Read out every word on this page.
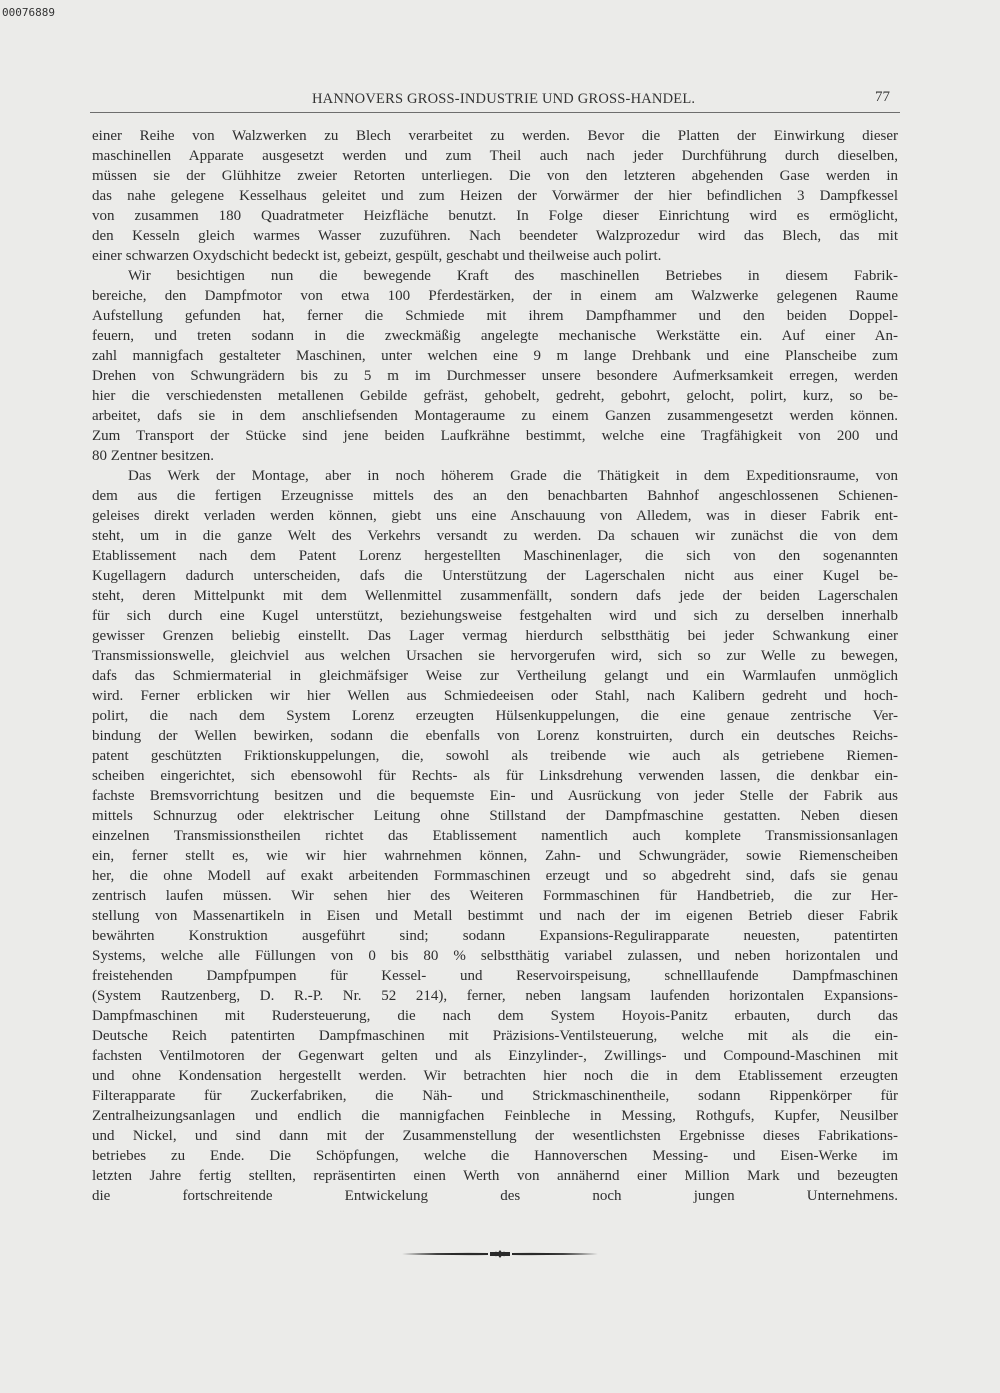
00076889
HANNOVERS GROSS-INDUSTRIE UND GROSS-HANDEL.	77
einer Reihe von Walzwerken zu Blech verarbeitet zu werden. Bevor die Platten der Einwirkung dieser
maschinellen Apparate ausgesetzt werden und zum Theil auch nach jeder Durchführung durch dieselben,
müssen sie der Glühhitze zweier Retorten unterliegen. Die von den letzteren abgehenden Gase werden in
das nahe gelegene Kesselhaus geleitet und zum Heizen der Vorwärmer der hier befindlichen 3 Dampfkessel
von zusammen 180 Quadratmeter Heizfläche benutzt. In Folge dieser Einrichtung wird es ermöglicht,
den Kesseln gleich warmes Wasser zuzuführen. Nach beendeter Walzprozedur wird das Blech, das mit
einer schwarzen Oxydschicht bedeckt ist, gebeizt, gespült, geschabt und theilweise auch polirt.
Wir besichtigen nun die bewegende Kraft des maschinellen Betriebes in diesem Fabrik-
bereiche, den Dampfmotor von etwa 100 Pferdestärken, der in einem am Walzwerke gelegenen Raume
Aufstellung gefunden hat, ferner die Schmiede mit ihrem Dampfhammer und den beiden Doppel-
feuern, und treten sodann in die zweckmäßig angelegte mechanische Werkstätte ein. Auf einer An-
zahl mannigfach gestalteter Maschinen, unter welchen eine 9 m lange Drehbank und eine Planscheibe zum
Drehen von Schwungrädern bis zu 5 m im Durchmesser unsere besondere Aufmerksamkeit erregen, werden
hier die verschiedensten metallenen Gebilde gefräst, gehobelt, gedreht, gebohrt, gelocht, polirt, kurz, so be-
arbeitet, dafs sie in dem anschliefsenden Montageraume zu einem Ganzen zusammengesetzt werden können.
Zum Transport der Stücke sind jene beiden Laufkrähne bestimmt, welche eine Tragfähigkeit von 200 und
80 Zentner besitzen.
Das Werk der Montage, aber in noch höherem Grade die Thätigkeit in dem Expeditionsraume, von
dem aus die fertigen Erzeugnisse mittels des an den benachbarten Bahnhof angeschlossenen Schienen-
geleises direkt verladen werden können, giebt uns eine Anschauung von Alledem, was in dieser Fabrik ent-
steht, um in die ganze Welt des Verkehrs versandt zu werden. Da schauen wir zunächst die von dem
Etablissement nach dem Patent Lorenz hergestellten Maschinenlager, die sich von den sogenannten
Kugellagern dadurch unterscheiden, dafs die Unterstützung der Lagerschalen nicht aus einer Kugel be-
steht, deren Mittelpunkt mit dem Wellenmittel zusammenfällt, sondern dafs jede der beiden Lagerschalen
für sich durch eine Kugel unterstützt, beziehungsweise festgehalten wird und sich zu derselben innerhalb
gewisser Grenzen beliebig einstellt. Das Lager vermag hierdurch selbstthätig bei jeder Schwankung einer
Transmissionswelle, gleichviel aus welchen Ursachen sie hervorgerufen wird, sich so zur Welle zu bewegen,
dafs das Schmiermaterial in gleichmäfsiger Weise zur Vertheilung gelangt und ein Warmlaufen unmöglich
wird. Ferner erblicken wir hier Wellen aus Schmiedeeisen oder Stahl, nach Kalibern gedreht und hoch-
polirt, die nach dem System Lorenz erzeugten Hülsenkuppelungen, die eine genaue zentrische Ver-
bindung der Wellen bewirken, sodann die ebenfalls von Lorenz konstruirten, durch ein deutsches Reichs-
patent geschützten Friktionskuppelungen, die, sowohl als treibende wie auch als getriebene Riemen-
scheiben eingerichtet, sich ebensowohl für Rechts- als für Linksdrehung verwenden lassen, die denkbar ein-
fachste Bremsvorrichtung besitzen und die bequemste Ein- und Ausrückung von jeder Stelle der Fabrik aus
mittels Schnurzug oder elektrischer Leitung ohne Stillstand der Dampfmaschine gestatten. Neben diesen
einzelnen Transmissionstheilen richtet das Etablissement namentlich auch komplete Transmissionsanlagen
ein, ferner stellt es, wie wir hier wahrnehmen können, Zahn- und Schwungräder, sowie Riemenscheiben
her, die ohne Modell auf exakt arbeitenden Formmaschinen erzeugt und so abgedreht sind, dafs sie genau
zentrisch laufen müssen. Wir sehen hier des Weiteren Formmaschinen für Handbetrieb, die zur Her-
stellung von Massenartikeln in Eisen und Metall bestimmt und nach der im eigenen Betrieb dieser Fabrik
bewährten Konstruktion ausgeführt sind; sodann Expansions-Regulirapparate neuesten, patentirten
Systems, welche alle Füllungen von 0 bis 80 % selbstthätig variabel zulassen, und neben horizontalen und
freistehenden Dampfpumpen für Kessel- und Reservoirspeisung, schnelllaufende Dampfmaschinen
(System Rautzenberg, D. R.-P. Nr. 52 214), ferner, neben langsam laufenden horizontalen Expansions-
Dampfmaschinen mit Rudersteuerung, die nach dem System Hoyois-Panitz erbauten, durch das
Deutsche Reich patentirten Dampfmaschinen mit Präzisions-Ventilsteuerung, welche mit als die ein-
fachsten Ventilmotoren der Gegenwart gelten und als Einzylinder-, Zwillings- und Compound-Maschinen mit
und ohne Kondensation hergestellt werden. Wir betrachten hier noch die in dem Etablissement erzeugten
Filterapparate für Zuckerfabriken, die Näh- und Strickmaschinentheile, sodann Rippenkörper für
Zentralheizungsanlagen und endlich die mannigfachen Feinbleche in Messing, Rothgufs, Kupfer, Neusilber
und Nickel, und sind dann mit der Zusammenstellung der wesentlichsten Ergebnisse dieses Fabrikations-
betriebes zu Ende. Die Schöpfungen, welche die Hannoverschen Messing- und Eisen-Werke im
letzten Jahre fertig stellten, repräsentirten einen Werth von annähernd einer Million Mark und bezeugten
die fortschreitende Entwickelung des noch jungen Unternehmens.
